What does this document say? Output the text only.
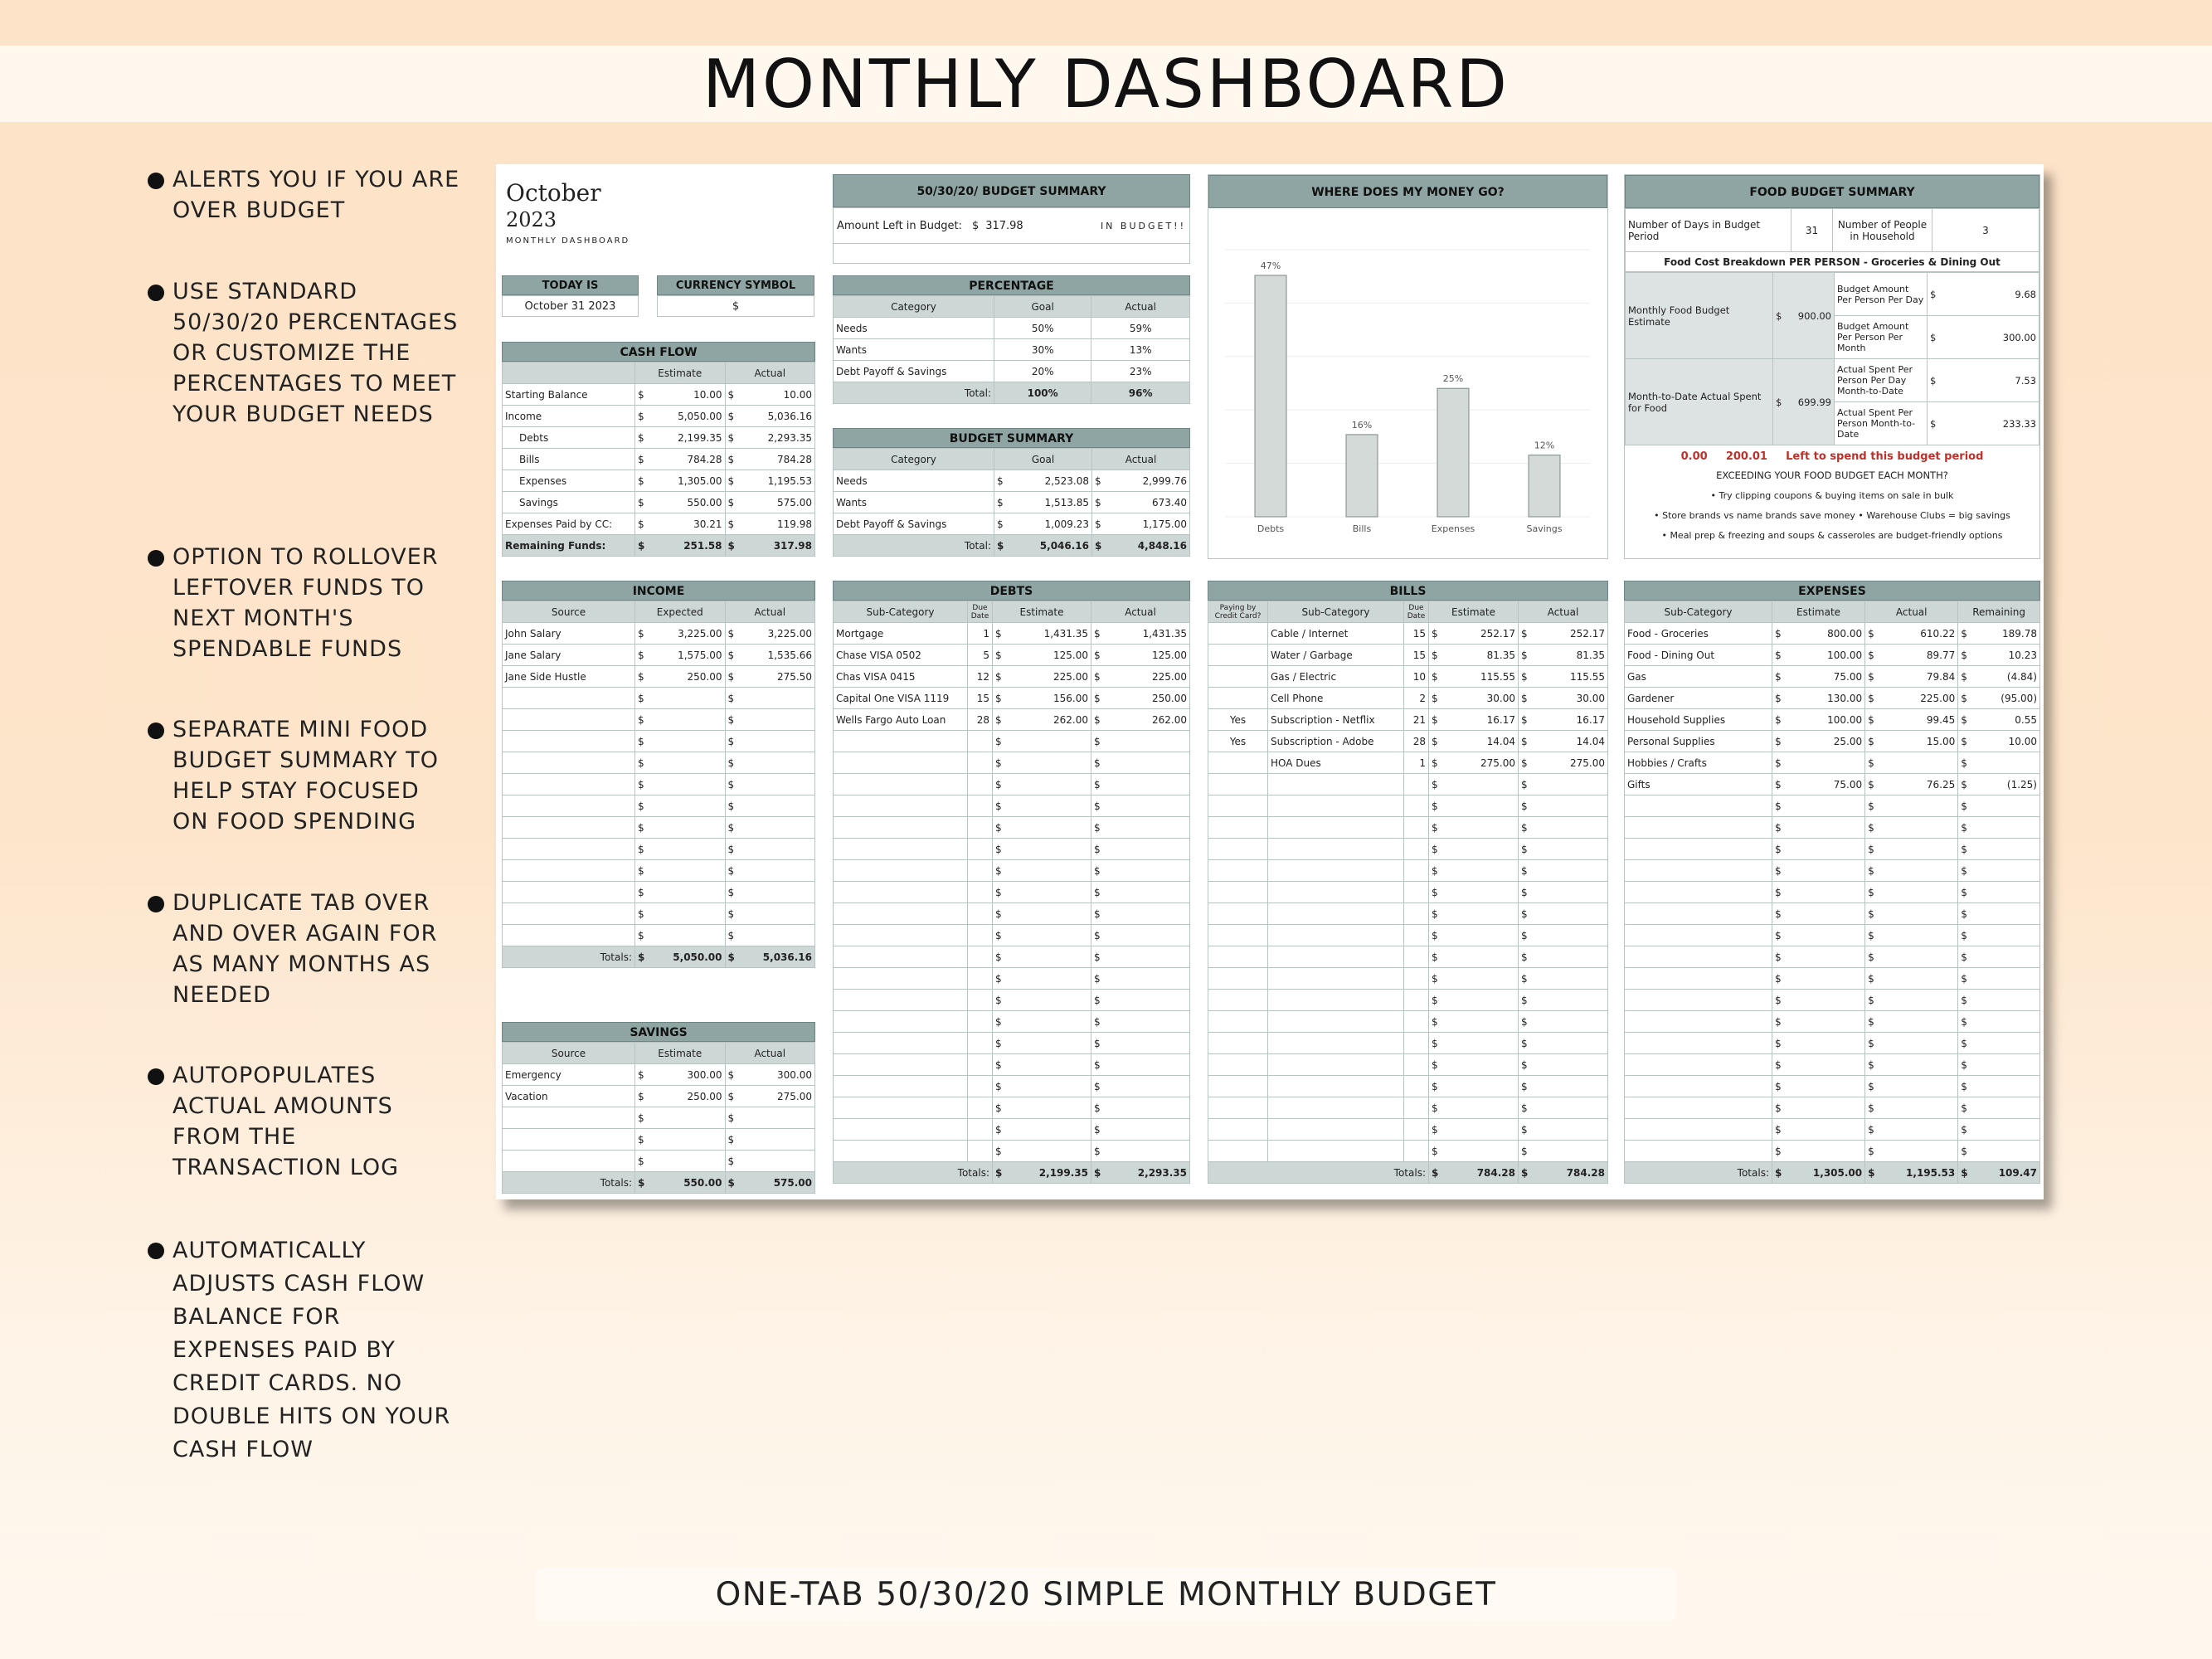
MONTHLY DASHBOARD
ALERTS YOU IF YOU ARE OVER BUDGET
USE STANDARD 50/30/20 PERCENTAGES OR CUSTOMIZE THE PERCENTAGES TO MEET YOUR BUDGET NEEDS
OPTION TO ROLLOVER LEFTOVER FUNDS TO NEXT MONTH'S SPENDABLE FUNDS
SEPARATE MINI FOOD BUDGET SUMMARY TO HELP STAY FOCUSED ON FOOD SPENDING
DUPLICATE TAB OVER AND OVER AGAIN FOR AS MANY MONTHS AS NEEDED
AUTOPOPULATES ACTUAL AMOUNTS FROM THE TRANSACTION LOG
AUTOMATICALLY ADJUSTS CASH FLOW BALANCE FOR EXPENSES PAID BY CREDIT CARDS. NO DOUBLE HITS ON YOUR CASH FLOW
October
2023
MONTHLY DASHBOARD
TODAY IS
October 31 2023
CURRENCY SYMBOL
$
CASH FLOW
	Estimate		Actual	
Starting Balance	$	10.00	$	10.00
Income	$	5,050.00	$	5,036.16
Debts	$	2,199.35	$	2,293.35
Bills	$	784.28	$	784.28
Expenses	$	1,305.00	$	1,195.53
Savings	$	550.00	$	575.00
Expenses Paid by CC:	$	30.21	$	119.98
Remaining Funds:	$	251.58	$	317.98
50/30/20/ BUDGET SUMMARY
Amount Left in Budget: $ 317.98	IN BUDGET!!
PERCENTAGE
Category	Goal	Actual
Needs	50%	59%
Wants	30%	13%
Debt Payoff & Savings	20%	23%
Total:	100%	96%
BUDGET SUMMARY
Category	Goal		Actual	
Needs	$	2,523.08	$	2,999.76
Wants	$	1,513.85	$	673.40
Debt Payoff & Savings	$	1,009.23	$	1,175.00
Total:	$	5,046.16	$	4,848.16
WHERE DOES MY MONEY GO?
47%
Debts
16%
Bills
25%
Expenses
12%
Savings
FOOD BUDGET SUMMARY
Number of Days in Budget Period	31	Number of People in Household	3
Food Cost Breakdown PER PERSON - Groceries & Dining Out
Monthly Food Budget Estimate	$	900.00	Budget Amount Per Person Per Day	$	9.68
			Budget Amount Per Person Per Month	$	300.00
Month-to-Date Actual Spent for Food	$	699.99	Actual Spent Per Person Per Day Month-to-Date	$	7.53
			Actual Spent Per Person Month-to-Date	$	233.33
0.00 200.01 Left to spend this budget period
EXCEEDING YOUR FOOD BUDGET EACH MONTH?
• Try clipping coupons & buying items on sale in bulk
• Store brands vs name brands save money • Warehouse Clubs = big savings
• Meal prep & freezing and soups & casseroles are budget-friendly options
INCOME
Source	Expected		Actual	
John Salary	$	3,225.00	$	3,225.00
Jane Salary	$	1,575.00	$	1,535.66
Jane Side Hustle	$	250.00	$	275.50
	$		$	
	$		$	
	$		$	
	$		$	
	$		$	
	$		$	
	$		$	
	$		$	
	$		$	
	$		$	
	$		$	
	$		$	
Totals:	$	5,050.00	$	5,036.16
SAVINGS
Source	Estimate		Actual	
Emergency	$	300.00	$	300.00
Vacation	$	250.00	$	275.00
	$		$	
	$		$	
	$		$	
Totals:	$	550.00	$	575.00
DEBTS
Sub-Category	Due Date	Estimate		Actual	
Mortgage	1	$	1,431.35	$	1,431.35
Chase VISA 0502	5	$	125.00	$	125.00
Chas VISA 0415	12	$	225.00	$	225.00
Capital One VISA 1119	15	$	156.00	$	250.00
Wells Fargo Auto Loan	28	$	262.00	$	262.00
		$		$	
		$		$	
		$		$	
		$		$	
		$		$	
		$		$	
		$		$	
		$		$	
		$		$	
		$		$	
		$		$	
		$		$	
		$		$	
		$		$	
		$		$	
		$		$	
		$		$	
		$		$	
		$		$	
		$		$	
Totals:		$	2,199.35	$	2,293.35
BILLS
Paying by Credit Card?	Sub-Category	Due Date	Estimate		Actual	
	Cable / Internet	15	$	252.17	$	252.17
	Water / Garbage	15	$	81.35	$	81.35
	Gas / Electric	10	$	115.55	$	115.55
	Cell Phone	2	$	30.00	$	30.00
Yes	Subscription - Netflix	21	$	16.17	$	16.17
Yes	Subscription - Adobe	28	$	14.04	$	14.04
	HOA Dues	1	$	275.00	$	275.00
			$		$	
			$		$	
			$		$	
			$		$	
			$		$	
			$		$	
			$		$	
			$		$	
			$		$	
			$		$	
			$		$	
			$		$	
			$		$	
			$		$	
			$		$	
			$		$	
			$		$	
			$		$	
Totals:			$	784.28	$	784.28
EXPENSES
Sub-Category	Estimate		Actual		Remaining	
Food - Groceries	$	800.00	$	610.22	$	189.78
Food - Dining Out	$	100.00	$	89.77	$	10.23
Gas	$	75.00	$	79.84	$	(4.84)
Gardener	$	130.00	$	225.00	$	(95.00)
Household Supplies	$	100.00	$	99.45	$	0.55
Personal Supplies	$	25.00	$	15.00	$	10.00
Hobbies / Crafts	$		$		$	
Gifts	$	75.00	$	76.25	$	(1.25)
	$		$		$	
	$		$		$	
	$		$		$	
	$		$		$	
	$		$		$	
	$		$		$	
	$		$		$	
	$		$		$	
	$		$		$	
	$		$		$	
	$		$		$	
	$		$		$	
	$		$		$	
	$		$		$	
	$		$		$	
	$		$		$	
	$		$		$	
Totals:	$	1,305.00	$	1,195.53	$	109.47
ONE-TAB 50/30/20 SIMPLE MONTHLY BUDGET
